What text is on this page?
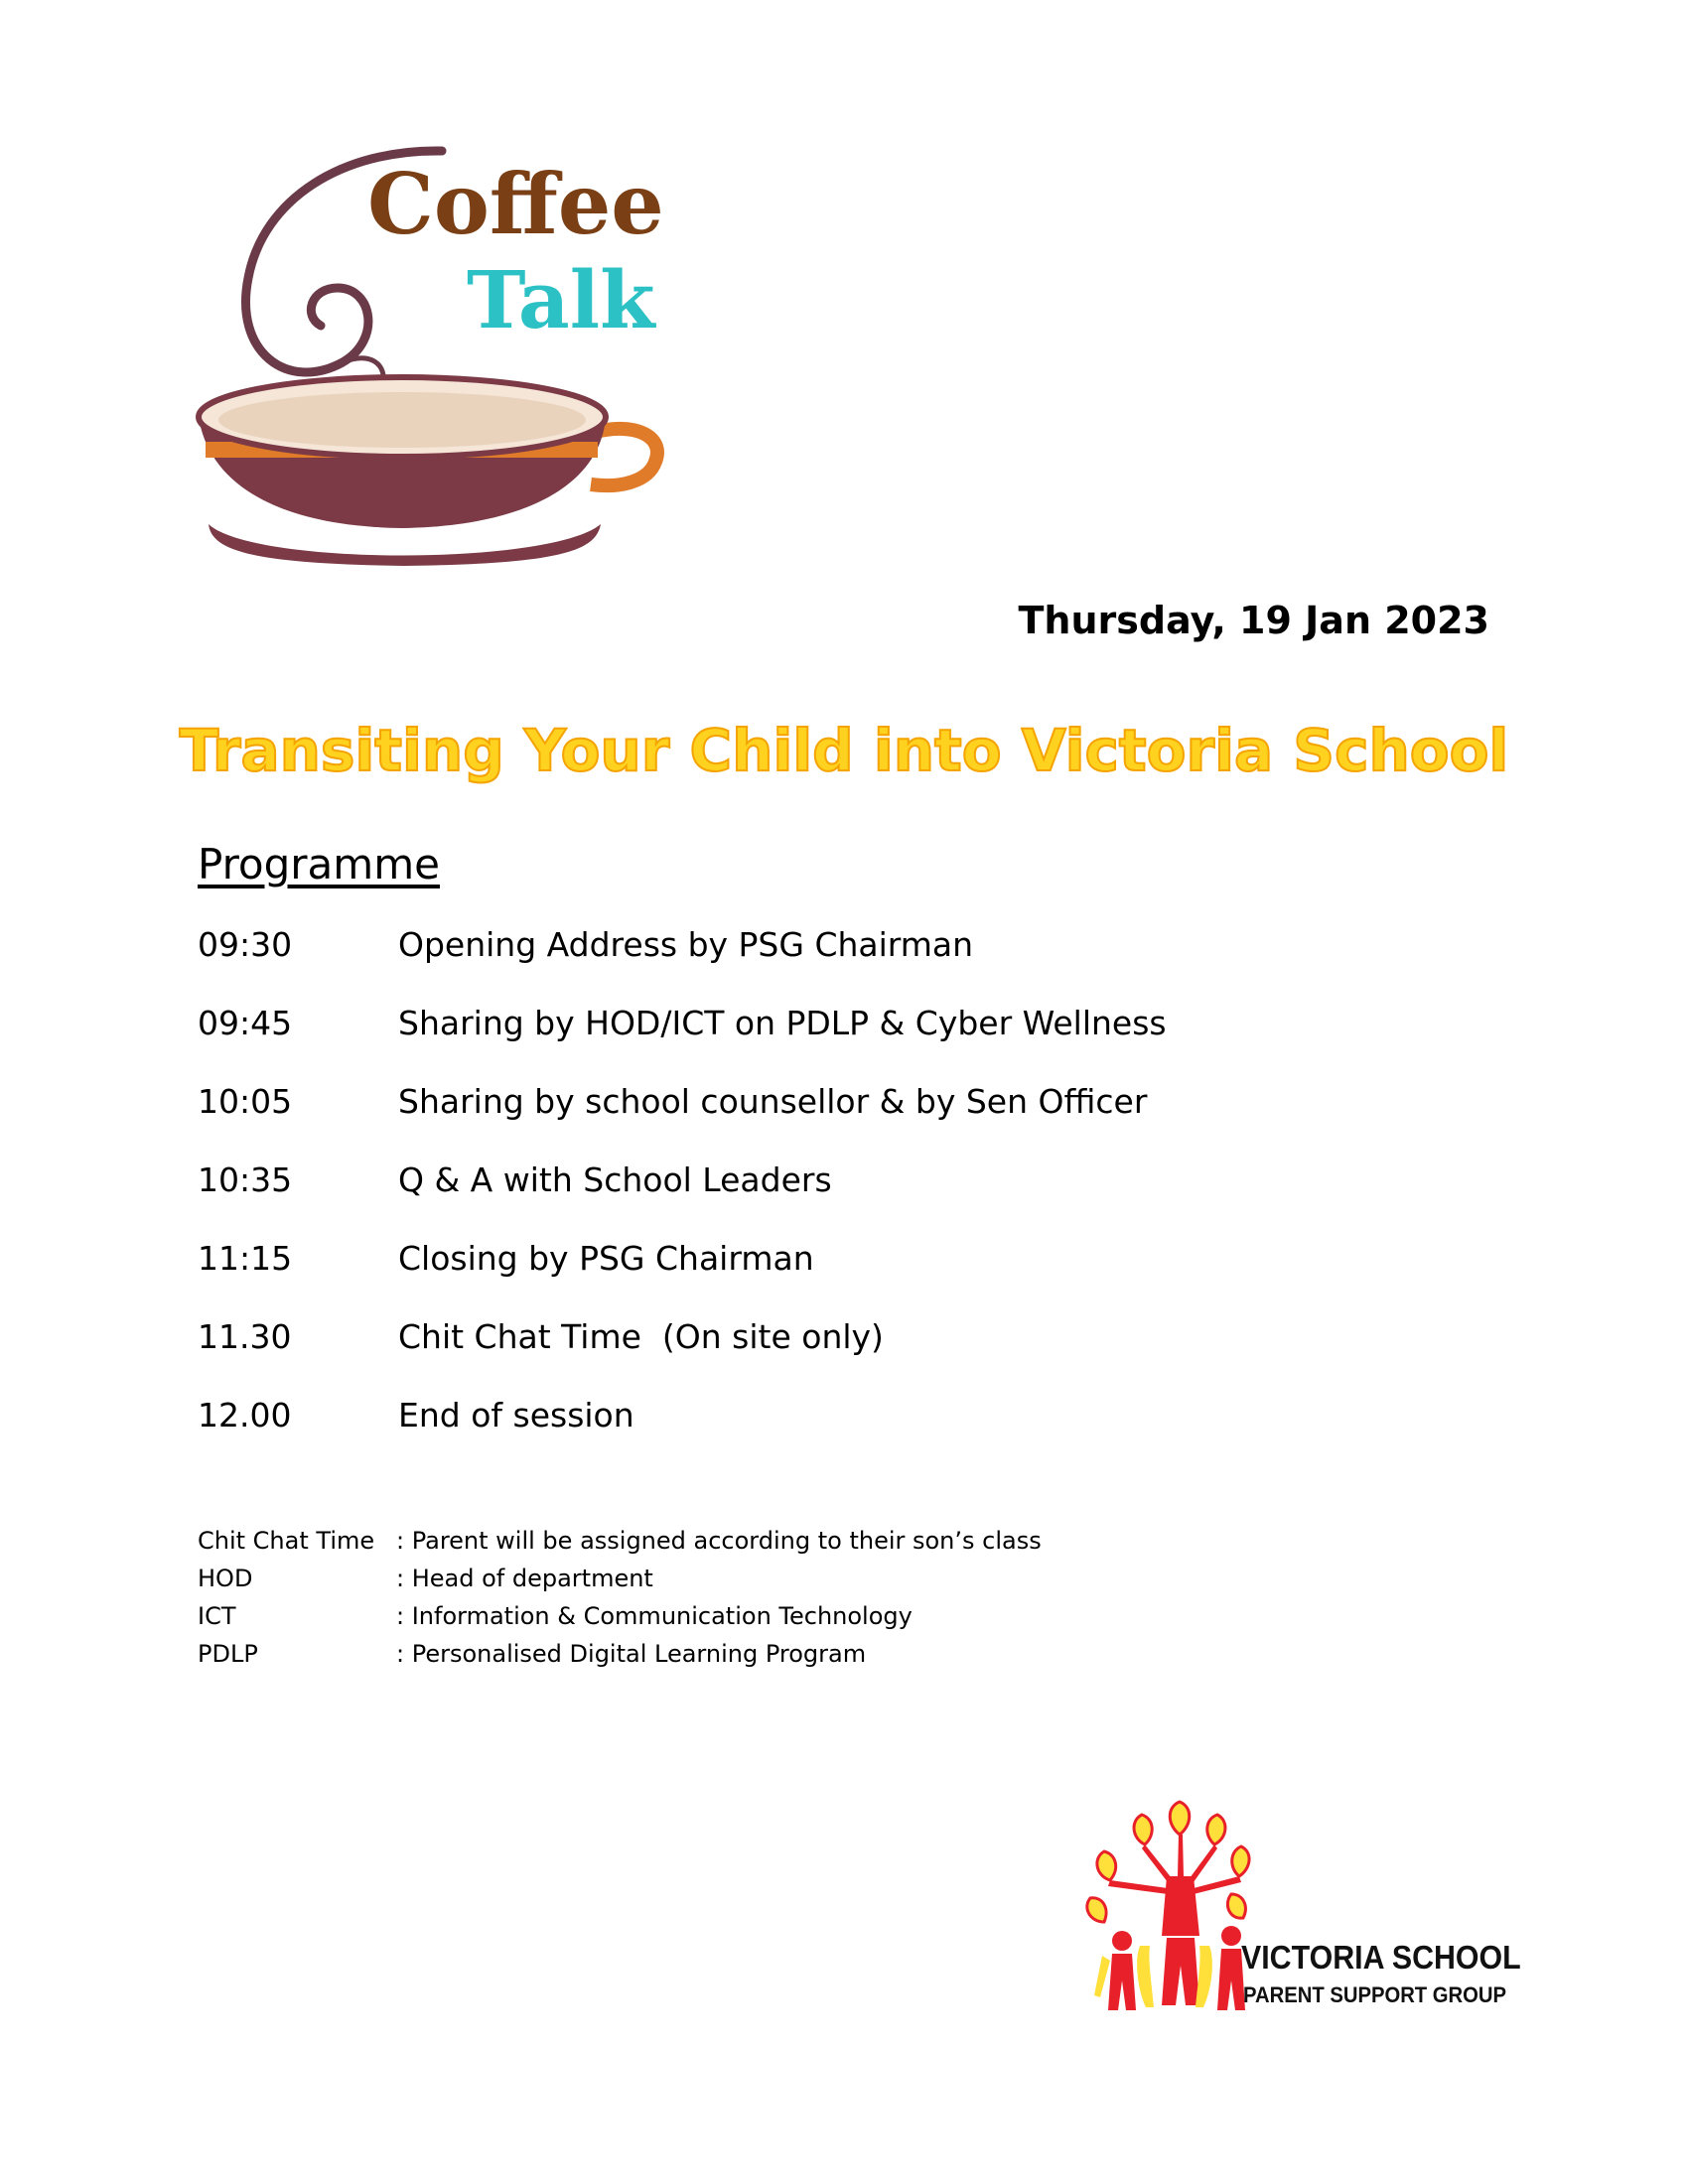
Coffee
Talk
Thursday, 19 Jan 2023
Transiting Your Child into Victoria School
Programme
09:30	Opening Address by PSG Chairman
09:45	Sharing by HOD/ICT on PDLP & Cyber Wellness
10:05	Sharing by school counsellor & by Sen Officer
10:35	Q & A with School Leaders
11:15	Closing by PSG Chairman
11.30	Chit Chat Time  (On site only)
12.00	End of session
Chit Chat Time : Parent will be assigned according to their son’s class
HOD	: Head of department
ICT	: Information & Communication Technology
PDLP	: Personalised Digital Learning Program
VICTORIA SCHOOL
PARENT SUPPORT GROUP
